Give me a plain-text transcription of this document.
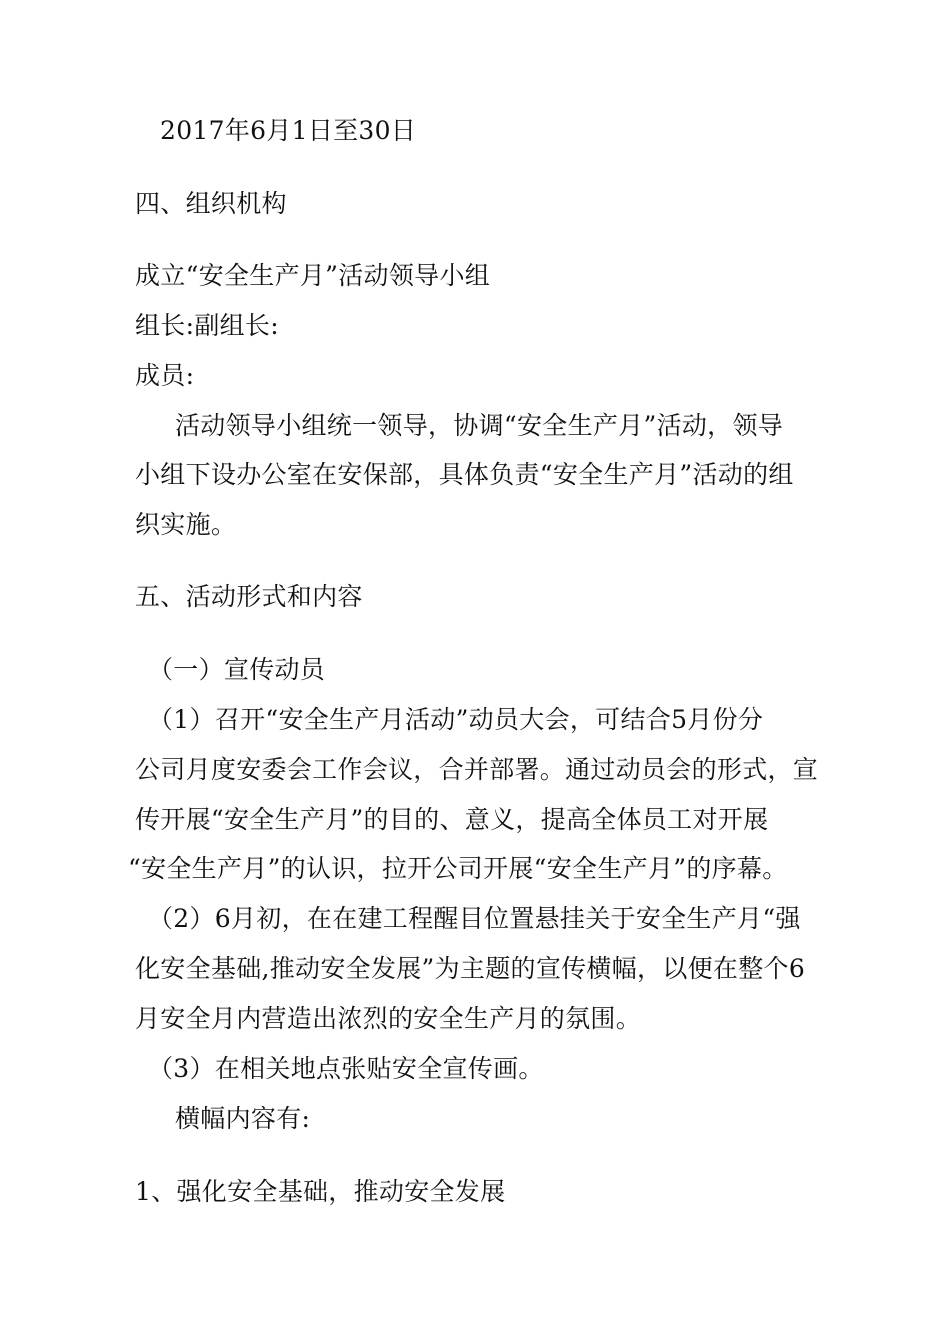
2017年6月1日至30日
四、组织机构
成立“安全生产月”活动领导小组
组长:副组长:
成员:
活动领导小组统一领导，协调“安全生产月”活动，领导
小组下设办公室在安保部，具体负责“安全生产月”活动的组
织实施。
五、活动形式和内容
（一）宣传动员
（1）召开“安全生产月活动”动员大会，可结合5月份分
公司月度安委会工作会议，合并部署。通过动员会的形式，宣
传开展“安全生产月”的目的、意义，提高全体员工对开展
“安全生产月”的认识，拉开公司开展“安全生产月”的序幕。
（2）6月初，在在建工程醒目位置悬挂关于安全生产月“强
化安全基础,推动安全发展”为主题的宣传横幅，以便在整个6
月安全月内营造出浓烈的安全生产月的氛围。
（3）在相关地点张贴安全宣传画。
横幅内容有:
1、强化安全基础，推动安全发展
